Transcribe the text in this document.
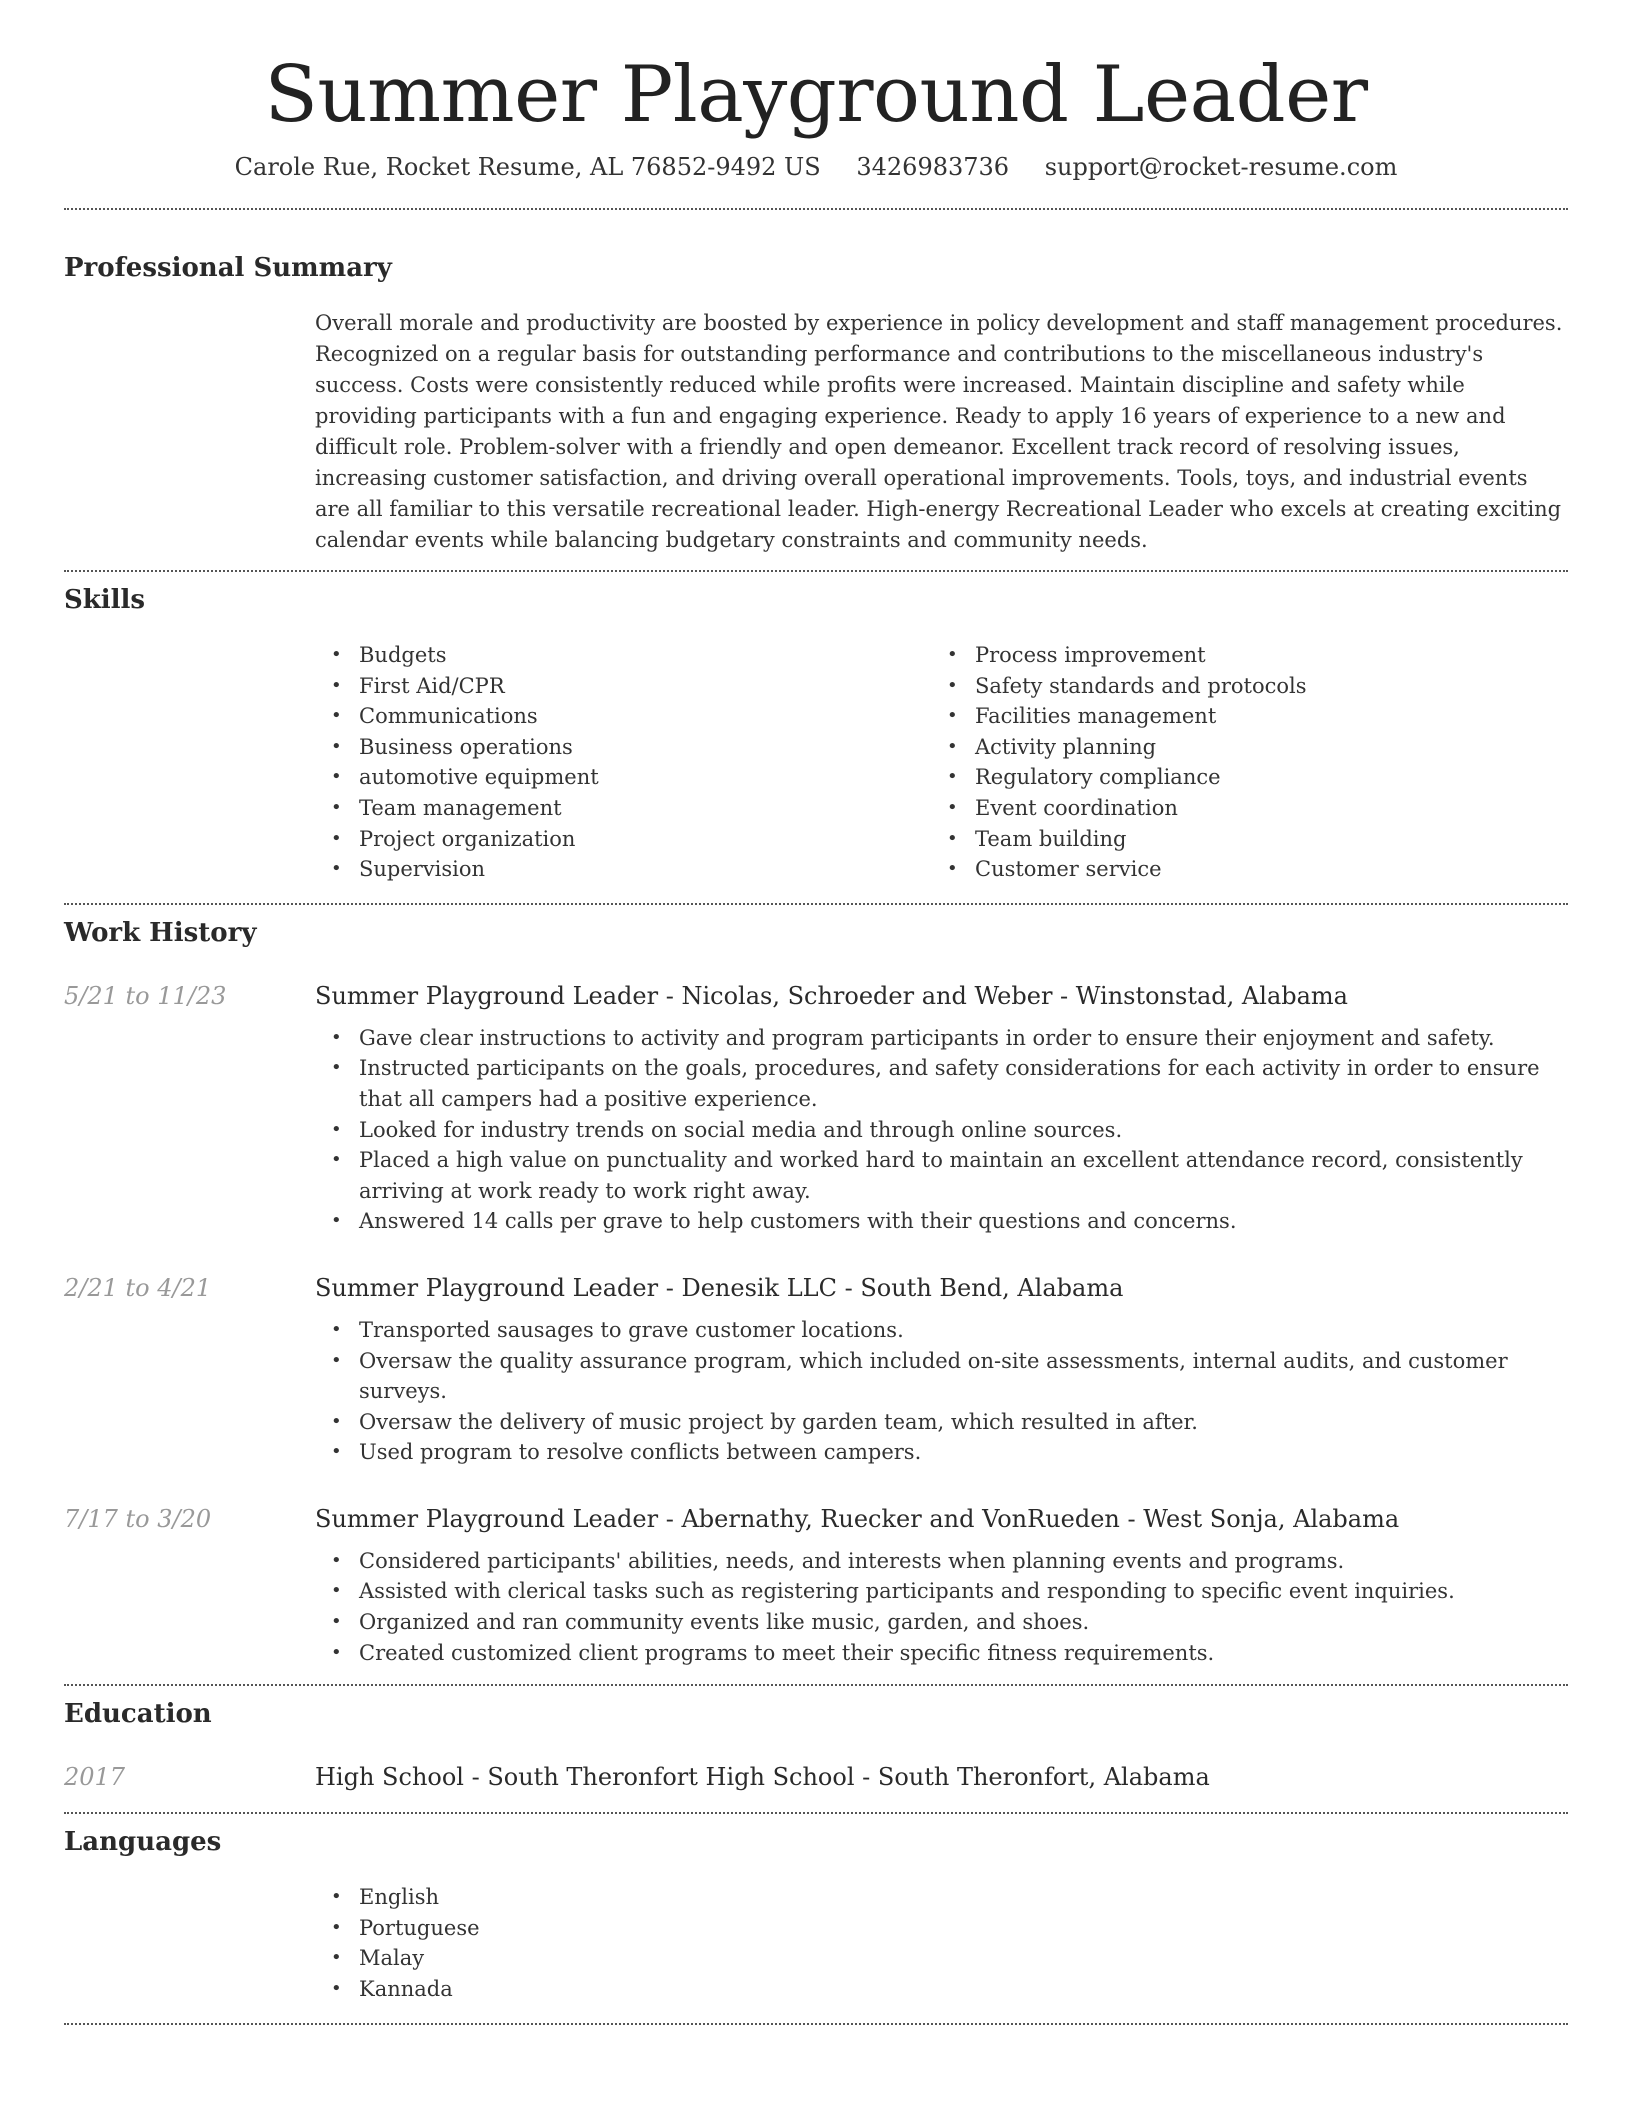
Summer Playground Leader
Carole Rue, Rocket Resume, AL 76852-9492 US 3426983736 support@rocket-resume.com
Professional Summary

Overall morale and productivity are boosted by experience in policy development and staff management procedures. Recognized on a regular basis for outstanding performance and contributions to the miscellaneous industry's success. Costs were consistently reduced while profits were increased. Maintain discipline and safety while providing participants with a fun and engaging experience. Ready to apply 16 years of experience to a new and difficult role. Problem-solver with a friendly and open demeanor. Excellent track record of resolving issues, increasing customer satisfaction, and driving overall operational improvements. Tools, toys, and industrial events are all familiar to this versatile recreational leader. High-energy Recreational Leader who excels at creating exciting calendar events while balancing budgetary constraints and community needs.

Skills
• Budgets
• First Aid/CPR
• Communications
• Business operations
• automotive equipment
• Team management
• Project organization
• Supervision
• Process improvement
• Safety standards and protocols
• Facilities management
• Activity planning
• Regulatory compliance
• Event coordination
• Team building
• Customer service
Work History
5/21 to 11/23	Summer Playground Leader - Nicolas, Schroeder and Weber - Winstonstad, Alabama
• Gave clear instructions to activity and program participants in order to ensure their enjoyment and safety.
• Instructed participants on the goals, procedures, and safety considerations for each activity in order to ensure that all campers had a positive experience.
• Looked for industry trends on social media and through online sources.
• Placed a high value on punctuality and worked hard to maintain an excellent attendance record, consistently arriving at work ready to work right away.
• Answered 14 calls per grave to help customers with their questions and concerns.
2/21 to 4/21	Summer Playground Leader - Denesik LLC - South Bend, Alabama
• Transported sausages to grave customer locations.
• Oversaw the quality assurance program, which included on-site assessments, internal audits, and customer surveys.
• Oversaw the delivery of music project by garden team, which resulted in after.
• Used program to resolve conflicts between campers.
7/17 to 3/20	Summer Playground Leader - Abernathy, Ruecker and VonRueden - West Sonja, Alabama
• Considered participants' abilities, needs, and interests when planning events and programs.
• Assisted with clerical tasks such as registering participants and responding to specific event inquiries.
• Organized and ran community events like music, garden, and shoes.
• Created customized client programs to meet their specific fitness requirements.
Education
2017	High School - South Theronfort High School - South Theronfort, Alabama
Languages
• English
• Portuguese
• Malay
• Kannada
